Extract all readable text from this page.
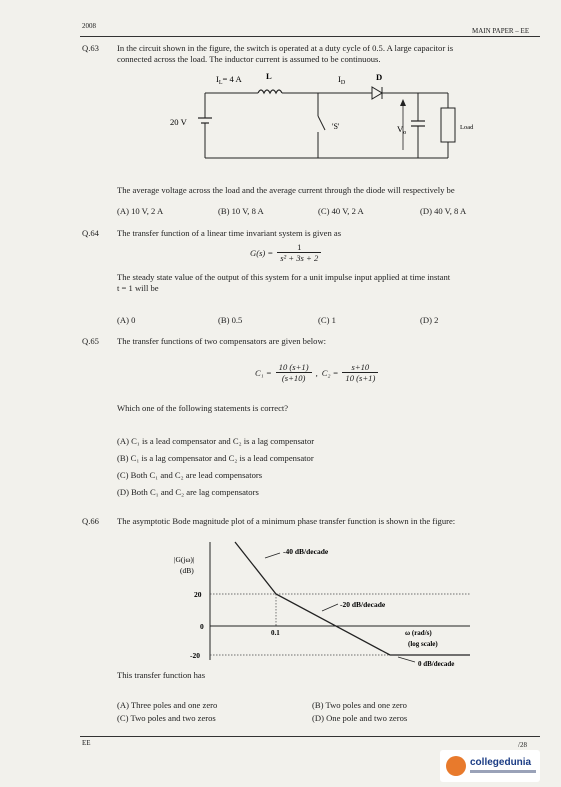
2008
MAIN PAPER – EE
Q.63 In the circuit shown in the figure, the switch is operated at a duty cycle of 0.5. A large capacitor is
connected across the load. The inductor current is assumed to be continuous.
$I_L= 4$ A	L	$I_D$
D
20 V	'S'	$V_o$
Load
The average voltage across the load and the average current through the diode will respectively be
(A) 10 V, 2 A	(B) 10 V, 8 A	(C) 40 V, 2 A	(D) 40 V, 8 A
Q.64 The transfer function of a linear time invariant system is given as
$G(s) = \frac{1}{\text{s² + 3s + 2}}$
The steady state value of the output of this system for a unit impulse input applied at time instant
t = 1 will be
(A) 0	(B) 0.5	(C) 1	(D) 2
Q.65 The transfer functions of two compensators are given below:
$C_1 = \frac{10 (s+1)}{(s+10)}$ , $C_2 = \frac{s+10}{10 (s+1)}$
Which one of the following statements is correct?
(A) C₁ is a lead compensator and C₂ is a lag compensator
(B) C₁ is a lag compensator and C₂ is a lead compensator
(C) Both C₁ and C₂ are lead compensators
(D) Both C₁ and C₂ are lag compensators
Q.66 The asymptotic Bode magnitude plot of a minimum phase transfer function is shown in the figure:
|G(jω)|
(dB)
20
0
-20
0.1
-40 dB/decade
-20 dB/decade
ω (rad/s)
(log scale)
0 dB/decade
This transfer function has
(A) Three poles and one zero	(B) Two poles and one zero
(C) Two poles and two zeros	(D) One pole and two zeros
EE	/28
collegedunia
